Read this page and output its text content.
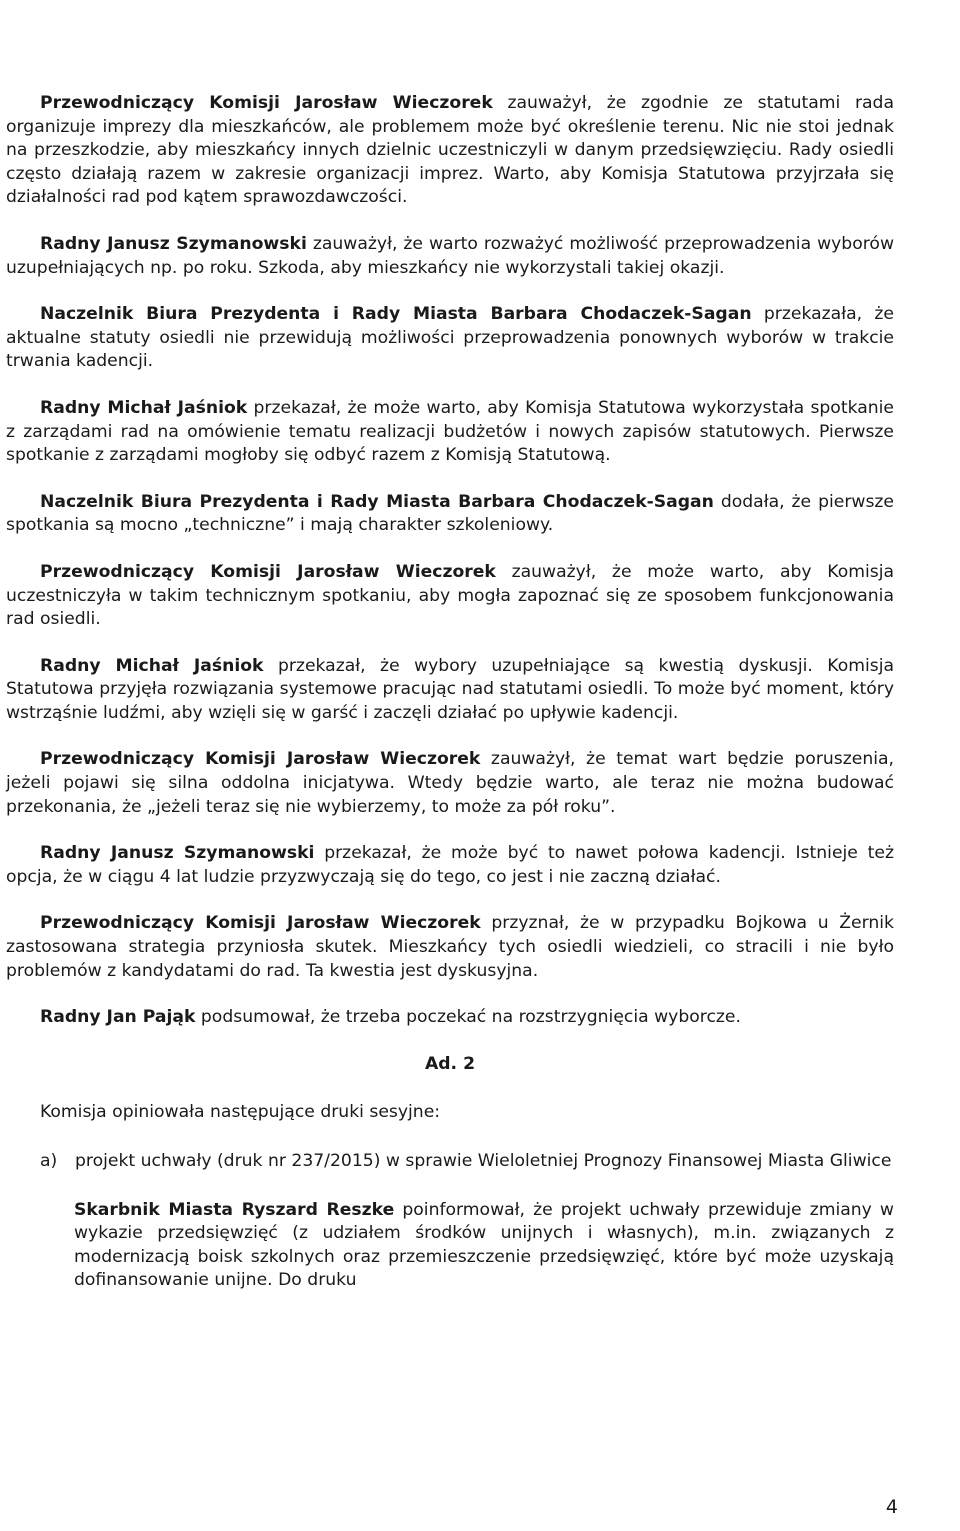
Przewodniczący Komisji Jarosław Wieczorek zauważył, że zgodnie ze statutami rada organizuje imprezy dla mieszkańców, ale problemem może być określenie terenu. Nic nie stoi jednak na przeszkodzie, aby mieszkańcy innych dzielnic uczestniczyli w danym przedsięwzięciu. Rady osiedli często działają razem w zakresie organizacji imprez. Warto, aby Komisja Statutowa przyjrzała się działalności rad pod kątem sprawozdawczości.

Radny Janusz Szymanowski zauważył, że warto rozważyć możliwość przeprowadzenia wyborów uzupełniających np. po roku. Szkoda, aby mieszkańcy nie wykorzystali takiej okazji.

Naczelnik Biura Prezydenta i Rady Miasta Barbara Chodaczek-Sagan przekazała, że aktualne statuty osiedli nie przewidują możliwości przeprowadzenia ponownych wyborów w trakcie trwania kadencji.

Radny Michał Jaśniok przekazał, że może warto, aby Komisja Statutowa wykorzystała spotkanie z zarządami rad na omówienie tematu realizacji budżetów i nowych zapisów statutowych. Pierwsze spotkanie z zarządami mogłoby się odbyć razem z Komisją Statutową.

Naczelnik Biura Prezydenta i Rady Miasta Barbara Chodaczek-Sagan dodała, że pierwsze spotkania są mocno „techniczne” i mają charakter szkoleniowy.

Przewodniczący Komisji Jarosław Wieczorek zauważył, że może warto, aby Komisja uczestniczyła w takim technicznym spotkaniu, aby mogła zapoznać się ze sposobem funkcjonowania rad osiedli.

Radny Michał Jaśniok przekazał, że wybory uzupełniające są kwestią dyskusji. Komisja Statutowa przyjęła rozwiązania systemowe pracując nad statutami osiedli. To może być moment, który wstrząśnie ludźmi, aby wzięli się w garść i zaczęli działać po upływie kadencji.

Przewodniczący Komisji Jarosław Wieczorek zauważył, że temat wart będzie poruszenia, jeżeli pojawi się silna oddolna inicjatywa. Wtedy będzie warto, ale teraz nie można budować przekonania, że „jeżeli teraz się nie wybierzemy, to może za pół roku”.

Radny Janusz Szymanowski przekazał, że może być to nawet połowa kadencji. Istnieje też opcja, że w ciągu 4 lat ludzie przyzwyczają się do tego, co jest i nie zaczną działać.

Przewodniczący Komisji Jarosław Wieczorek przyznał, że w przypadku Bojkowa u Żernik zastosowana strategia przyniosła skutek. Mieszkańcy tych osiedli wiedzieli, co stracili i nie było problemów z kandydatami do rad. Ta kwestia jest dyskusyjna.

Radny Jan Pająk podsumował, że trzeba poczekać na rozstrzygnięcia wyborcze.

Ad. 2
Komisja opiniowała następujące druki sesyjne:
a)	projekt uchwały (druk nr 237/2015) w sprawie Wieloletniej Prognozy Finansowej Miasta Gliwice

Skarbnik Miasta Ryszard Reszke poinformował, że projekt uchwały przewiduje zmiany w wykazie przedsięwzięć (z udziałem środków unijnych i własnych), m.in. związanych z modernizacją boisk szkolnych oraz przemieszczenie przedsięwzięć, które być może uzyskają dofinansowanie unijne. Do druku

4
